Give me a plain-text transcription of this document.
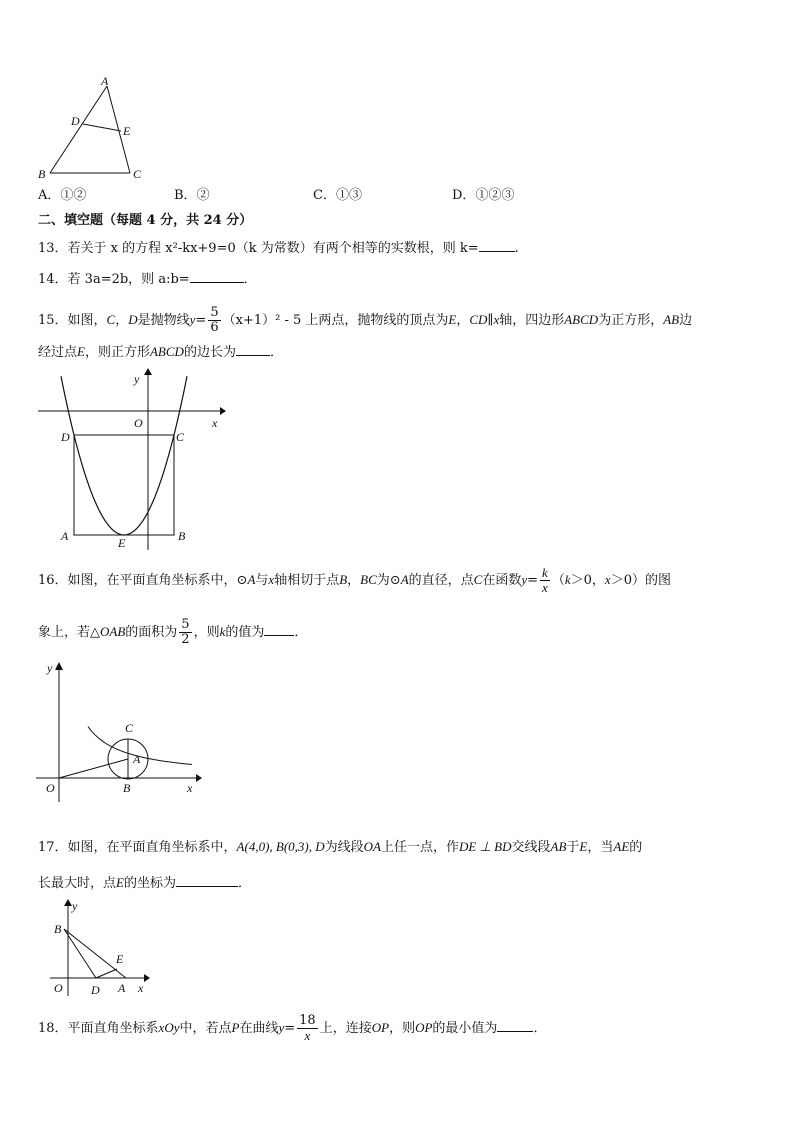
A
D
E
B	C
A．①②	B．②	C．①③	D．①②③
二、填空题（每题 4 分，共 24 分）
13．若关于 x 的方程 x²-kx+9=0（k 为常数）有两个相等的实数根，则 k=	.
14．若 3a=2b，则 a:b=	．
15．如图，C，D是抛物线$y= \frac{5}{6} (x+1)^2 - 5$ 上两点，抛物线的顶点为E，CD∥x轴，四边形ABCD为正方形，AB边
经过点E，则正方形ABCD的边长为	．
y
x
O
D	C
A	E	B
16．如图，在平面直角坐标系中，⊙A与x轴相切于点B，BC为⊙A的直径，点C在函数$y= \frac{k}{x} (k>0$，x＞0）的图
象上，若△OAB的面积为 $\frac{5}{2}$ ，则k的值为 ．
y
x
O	B
A
C
17．如图，在平面直角坐标系中，A(4,0), B(0,3), D为线段OA上任一点，作DE ⊥ BD交线段AB于E，当AE的
长最大时，点E的坐标为	．
y
x
O D A
B
E
18．平面直角坐标系xOy中，若点P在曲线$y= \frac{18}{x}$ 上，连接OP，则OP的最小值为	．
